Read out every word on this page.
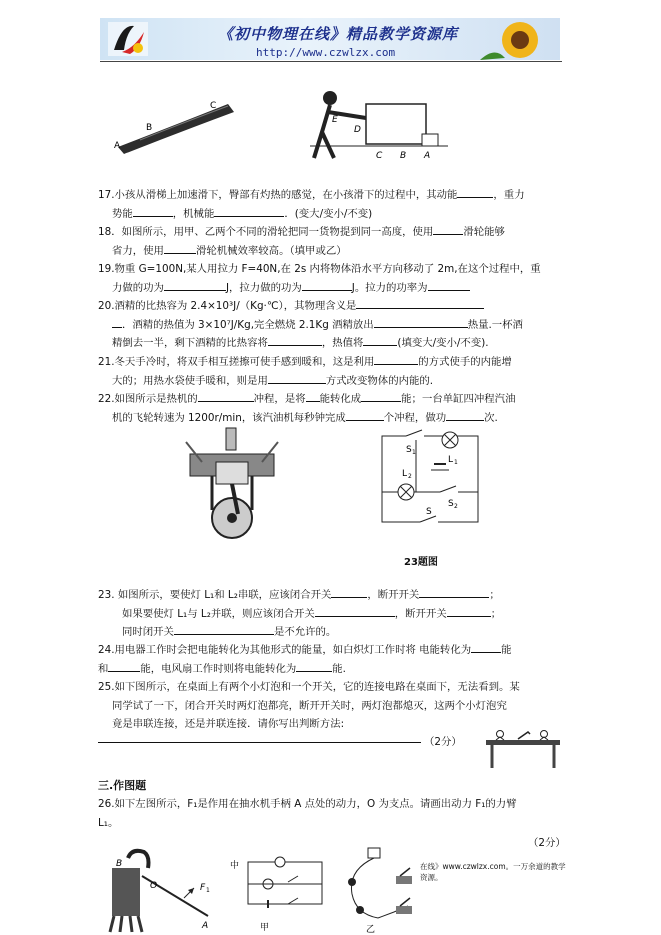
《初中物理在线》精品教学资源库
http://www.czwlzx.com
A
B
C
E
D
C B A
17.小孩从滑梯上加速滑下，臀部有灼热的感觉，在小孩滑下的过程中，其动能	，重力
势能	，机械能	．(变大/变小/不变)
18．如图所示，用甲、乙两个不同的滑轮把同一货物提到同一高度，使用	滑轮能够
省力，使用	滑轮机械效率较高。（填甲或乙）
19.物重 G=100N,某人用拉力 F=40N,在 2s 内将物体沿水平方向移动了 2m,在这个过程中，重
力做的功为	J，拉力做的功为	J。拉力的功率为
20.酒精的比热容为 2.4×10³J/（Kg·℃），其物理含义是
．酒精的热值为 3×10⁷J/Kg,完全燃烧 2.1Kg 酒精放出	热量.一杯酒
精倒去一半，剩下酒精的比热容将	，热值将	(填变大/变小/不变).
21.冬天手冷时，将双手相互搓擦可使手感到暖和，这是利用	的方式使手的内能增
大的；用热水袋使手暖和，则是用	方式改变物体的内能的.
22.如图所示是热机的	冲程，是将 能转化成	能；一台单缸四冲程汽油
机的飞轮转速为 1200r/min，该汽油机每秒钟完成	个冲程，做功	次.
S 1
L 1
L 2
S 2
S
23题图
23. 如图所示，要使灯 L₁和 L₂串联，应该闭合开关	，断开开关	；
如果要使灯 L₁与 L₂并联，则应该闭合开关	，断开开关	；
同时闭开关	是不允许的。
24.用电器工作时会把电能转化为其他形式的能量，如白炽灯工作时将 电能转化为	能
和	能，电风扇工作时则将电能转化为	能.
25.如下图所示，在桌面上有两个小灯泡和一个开关，它的连接电路在桌面下，无法看到。某
同学试了一下，闭合开关时两灯泡都亮，断开开关时，两灯泡都熄灭，这两个小灯泡究
竟是串联连接，还是并联连接．请你写出判断方法:
（2分）
三.作图题
26.如下左图所示，F₁是作用在抽水机手柄 A 点处的动力，O 为支点。请画出动力 F₁的力臂
L₁。
（2分）
B
O	F 1
A
中
甲	乙
在线》www.czwlzx.com。一万余道的教学资源。
